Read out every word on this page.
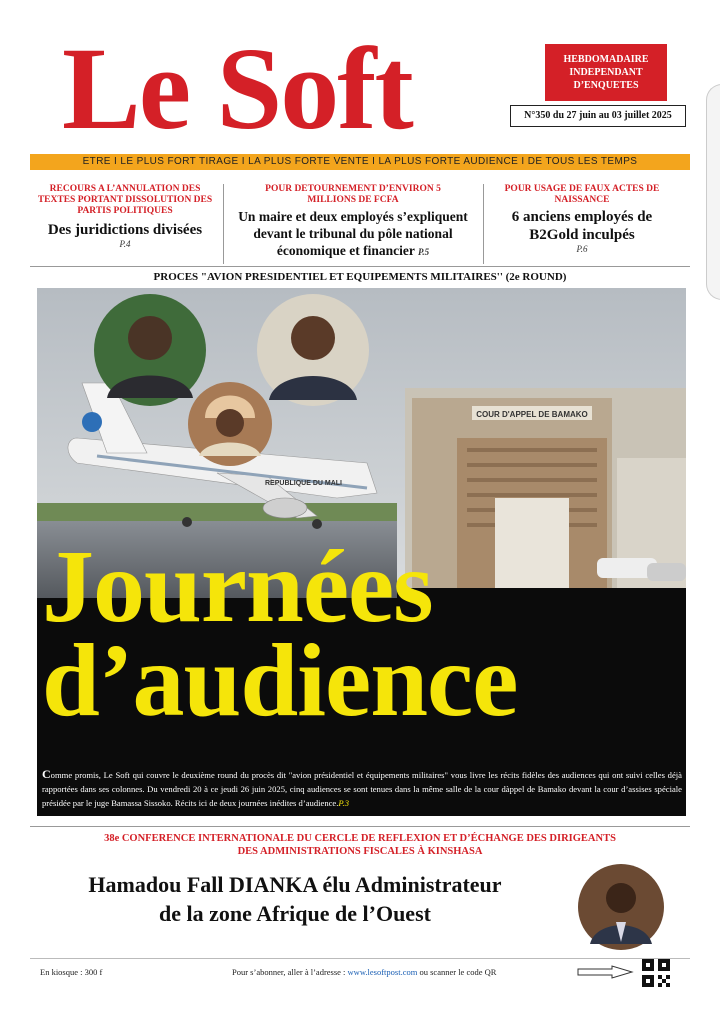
Le Soft	HEBDOMADAIRE
INDEPENDANT
D’ENQUETES
N°350 du 27 juin au 03 juillet 2025
ETRE I LE PLUS FORT TIRAGE I LA PLUS FORTE VENTE I LA PLUS FORTE AUDIENCE I DE TOUS LES TEMPS
RECOURS A L’ANNULATION DES TEXTES PORTANT DISSOLUTION DES PARTIS POLITIQUES
Des juridictions divisées
P.4
POUR DETOURNEMENT D’ENVIRON 5 MILLIONS DE FCFA
Un maire et deux employés s’expliquent devant le tribunal du pôle national économique et financier P.5
POUR USAGE DE FAUX ACTES DE NAISSANCE
6 anciens employés de B2Gold inculpés
P.6
PROCES "AVION PRESIDENTIEL ET EQUIPEMENTS MILITAIRES'' (2e ROUND)
COUR D'APPEL DE BAMAKO
REPUBLIQUE DU MALI
Journées
d’audience
Comme promis, Le Soft qui couvre le deuxième round du procès dit "avion présidentiel et équipements militaires" vous livre les récits fidèles des audiences qui ont suivi celles déjà rapportées dans ses colonnes. Du vendredi 20 à ce jeudi 26 juin 2025, cinq audiences se sont tenues dans la même salle de la cour dàppel de Bamako devant la cour d’assises spéciale présidée par le juge Bamassa Sissoko. Récits ici de deux journées inédites d’audience.P.3
38e CONFERENCE INTERNATIONALE DU CERCLE DE REFLEXION ET D’ÉCHANGE DES DIRIGEANTS
DES ADMINISTRATIONS FISCALES À KINSHASA
Hamadou Fall DIANKA élu Administrateur
de la zone Afrique de l’Ouest
En kiosque : 300 f	Pour s’abonner, aller à l’adresse : www.lesoftpost.com ou scanner le code QR
